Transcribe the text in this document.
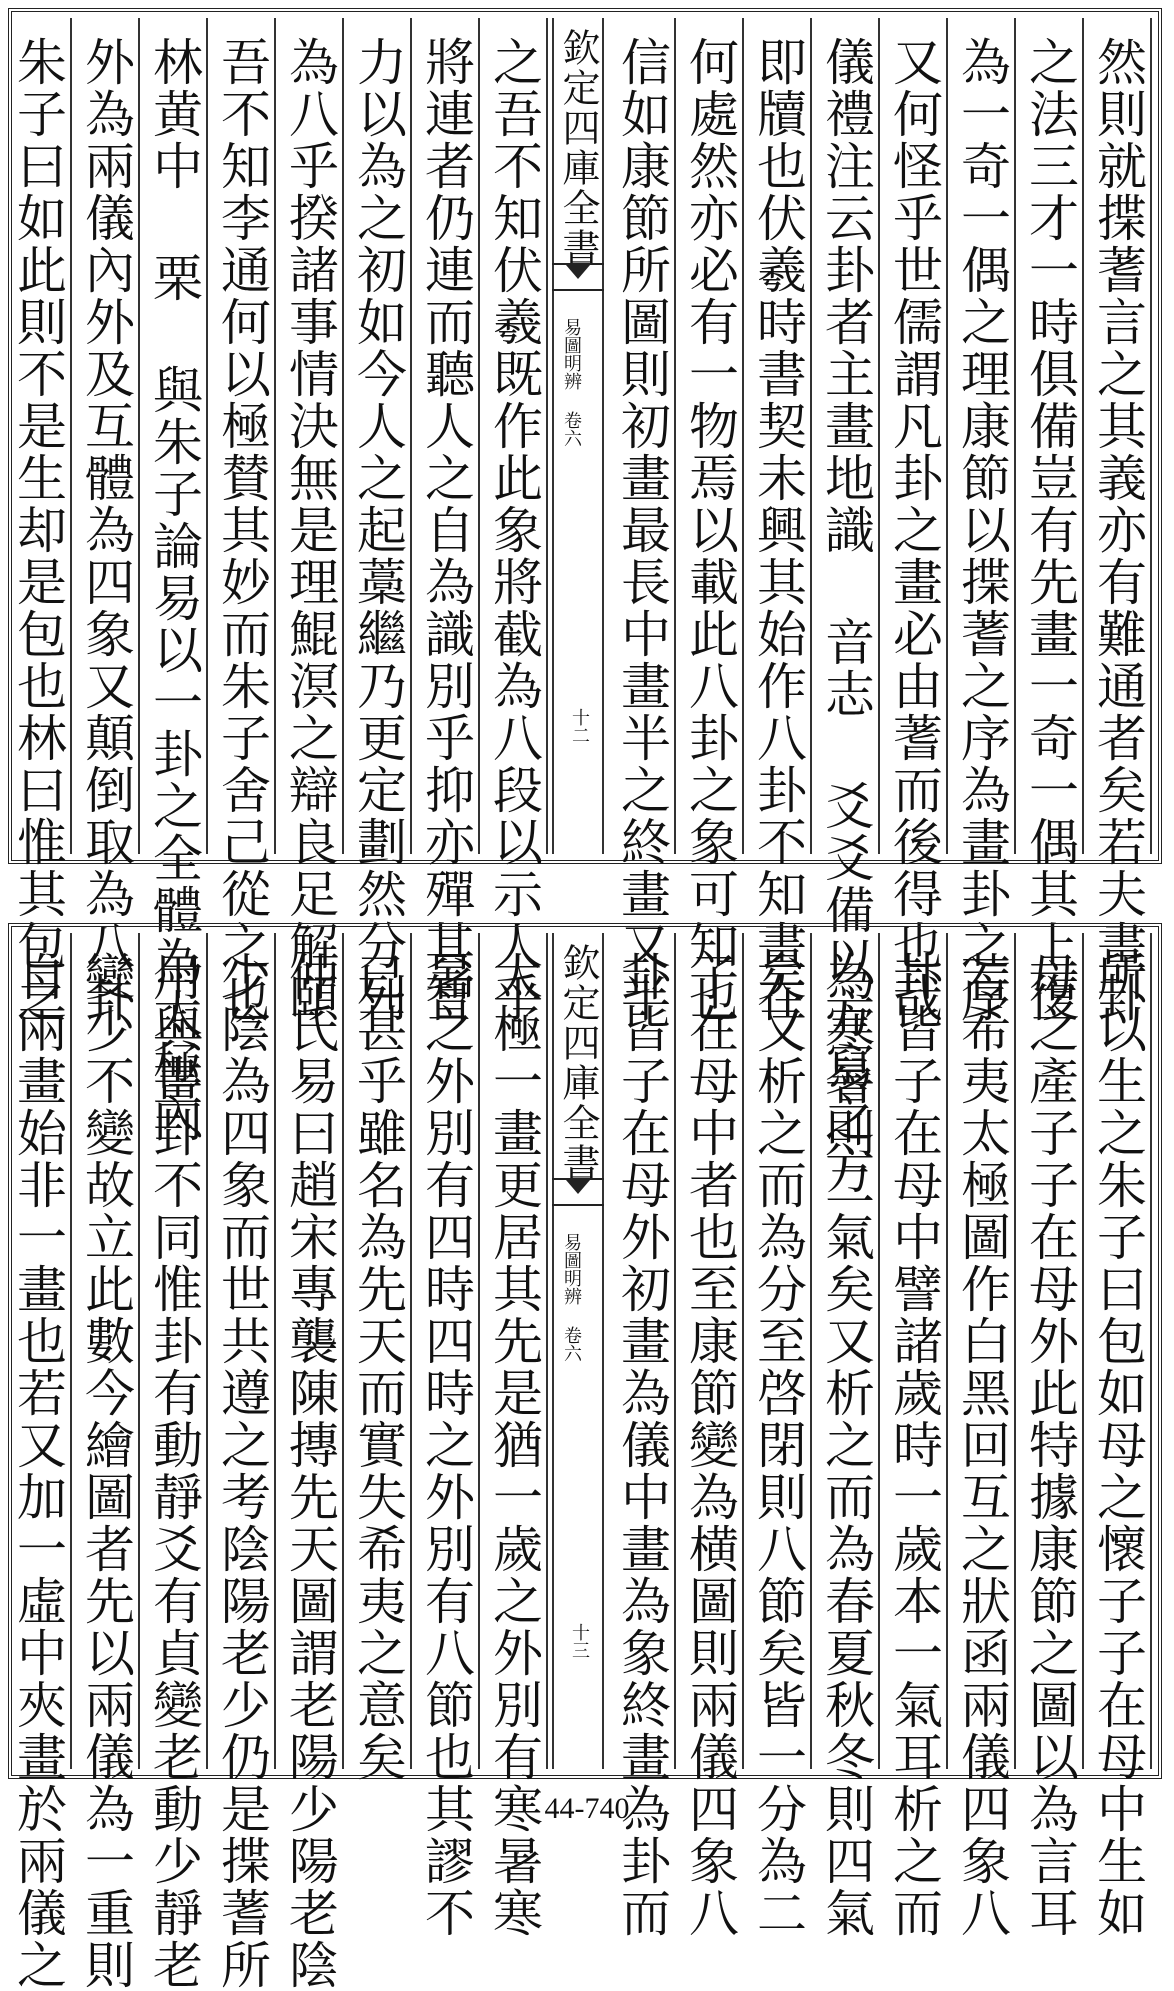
然則就揲蓍言之其義亦有難通者矣若夫畫卦
之法三才一時俱備豈有先畫一奇一偶其上復
為一奇一偶之理康節以揲蓍之序為畫卦之序
又何怪乎世儒謂凡卦之畫必由蓍而後得也哉
儀禮注云卦者主畫地識 音志 爻爻備以方寫之方
即牘也伏羲時書契未興其始作八卦不知畫在
何處然亦必有一物焉以載此八卦之象可知也
信如康節所圖則初畫最長中畫半之終畫又半
欽定四庫全書
易圖明辨 卷六
十二
之吾不知伏羲既作此象將截為八段以示人乎
將連者仍連而聽人之自為識別乎抑亦殫其智
力以為之初如今人之起藁繼乃更定劃然分列
為八乎揆諸事情決無是理鯤溟之辯良足解頤
吾不知李通何以極賛其妙而朱子舍己從之也
林黄中 栗 與朱子論易以一卦之全體為太極內
外為兩儀內外及互體為四象又顛倒取為八卦
朱子曰如此則不是生却是包也林曰惟其包之
所以生之朱子曰包如母之懷子子在母中生如
母之產子子在母外此特據康節之圖以為言耳
若希夷太極圖作白黑回互之狀函兩儀四象八
卦皆子在母中譬諸歲時一歲本一氣耳析之而
為寒暑則二氣矣又析之而為春夏秋冬則四氣
矣又析之而為分至啓閉則八節矣皆一分為二
子在母中者也至康節變為横圖則兩儀四象八
卦皆子在母外初畫為儀中畫為象終畫為卦而
欽定四庫全書
易圖明辨 卷六
十三
太極一畫更居其先是猶一歲之外別有寒暑寒
暑之外別有四時四時之外別有八節也其謬不
已甚乎雖名為先天而實失希夷之意矣
仲氏易曰趙宋專襲陳摶先天圖謂老陽少陽老陰
少陰為四象而世共遵之考陰陽老少仍是揲蓍所
用與畫卦不同惟卦有動靜爻有貞變老動少靜老
變少不變故立此數今繪圖者先以兩儀為一重則
自兩畫始非一畫也若又加一虛中夾畫於兩儀之	44-740
